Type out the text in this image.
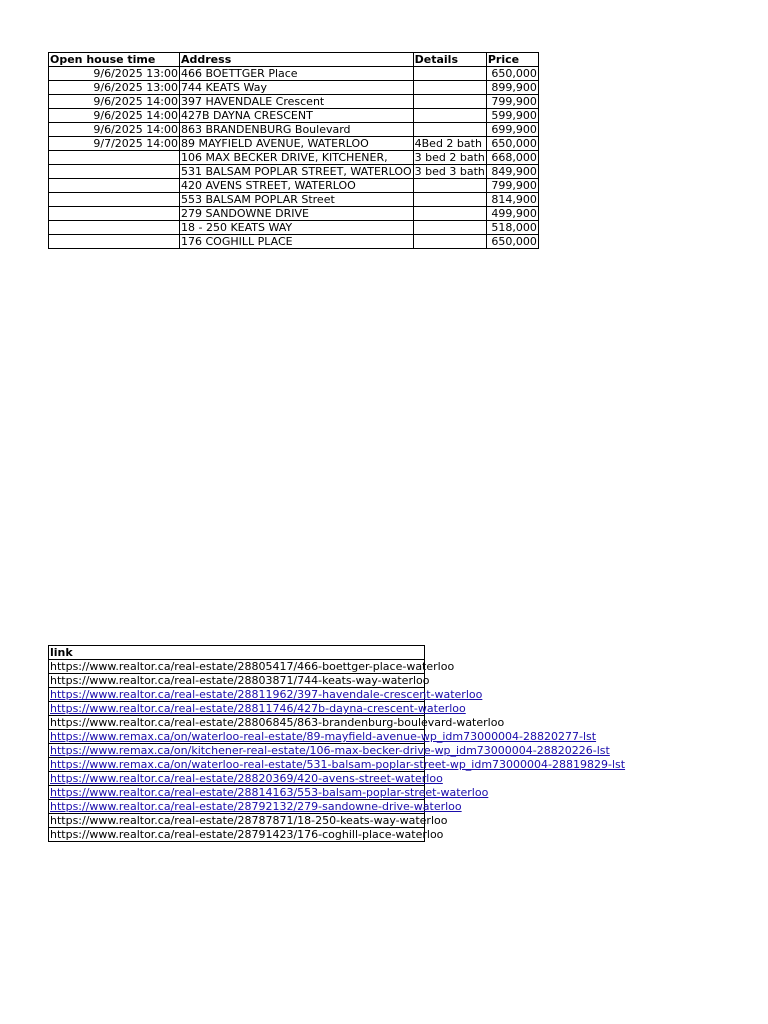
Open house time	Address	Details	Price
9/6/2025 13:00	466 BOETTGER Place		650,000
9/6/2025 13:00	744 KEATS Way		899,900
9/6/2025 14:00	397 HAVENDALE Crescent		799,900
9/6/2025 14:00	427B DAYNA CRESCENT		599,900
9/6/2025 14:00	863 BRANDENBURG Boulevard		699,900
9/7/2025 14:00	89 MAYFIELD AVENUE, WATERLOO	4Bed 2 bath	650,000
	106 MAX BECKER DRIVE, KITCHENER,	3 bed 2 bath	668,000
	531 BALSAM POPLAR STREET, WATERLOO	3 bed 3 bath	849,900
	420 AVENS STREET, WATERLOO		799,900
	553 BALSAM POPLAR Street		814,900
	279 SANDOWNE DRIVE		499,900
	18 - 250 KEATS WAY		518,000
	176 COGHILL PLACE		650,000
link
https://www.realtor.ca/real-estate/28805417/466-boettger-place-waterloo
https://www.realtor.ca/real-estate/28803871/744-keats-way-waterloo
https://www.realtor.ca/real-estate/28811962/397-havendale-crescent-waterloo
https://www.realtor.ca/real-estate/28811746/427b-dayna-crescent-waterloo
https://www.realtor.ca/real-estate/28806845/863-brandenburg-boulevard-waterloo
https://www.remax.ca/on/waterloo-real-estate/89-mayfield-avenue-wp_idm73000004-28820277-lst
https://www.remax.ca/on/kitchener-real-estate/106-max-becker-drive-wp_idm73000004-28820226-lst
https://www.remax.ca/on/waterloo-real-estate/531-balsam-poplar-street-wp_idm73000004-28819829-lst
https://www.realtor.ca/real-estate/28820369/420-avens-street-waterloo
https://www.realtor.ca/real-estate/28814163/553-balsam-poplar-street-waterloo
https://www.realtor.ca/real-estate/28792132/279-sandowne-drive-waterloo
https://www.realtor.ca/real-estate/28787871/18-250-keats-way-waterloo
https://www.realtor.ca/real-estate/28791423/176-coghill-place-waterloo
